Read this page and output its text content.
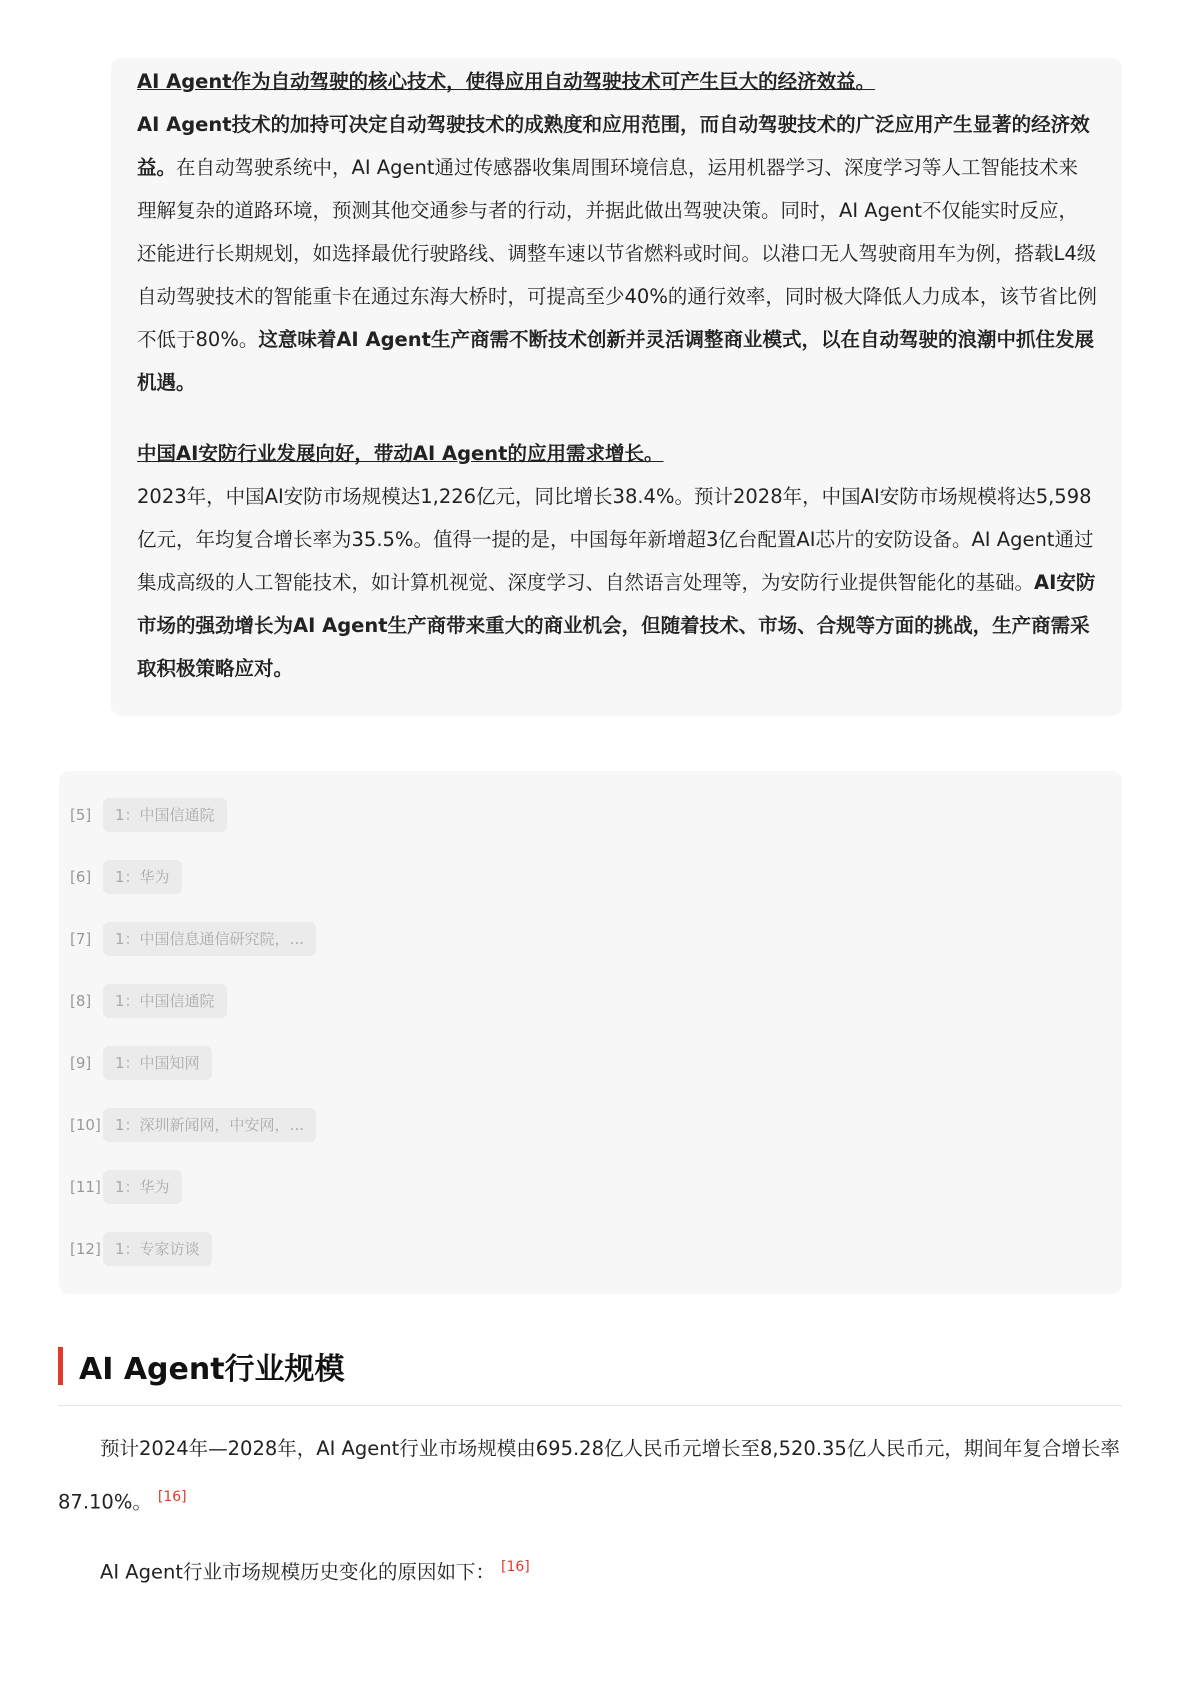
AI Agent作为自动驾驶的核心技术，使得应用自动驾驶技术可产生巨大的经济效益。

AI Agent技术的加持可决定自动驾驶技术的成熟度和应用范围，而自动驾驶技术的广泛应用产生显著的经济效益。在自动驾驶系统中，AI Agent通过传感器收集周围环境信息，运用机器学习、深度学习等人工智能技术来理解复杂的道路环境，预测其他交通参与者的行动，并据此做出驾驶决策。同时，AI Agent不仅能实时反应，还能进行长期规划，如选择最优行驶路线、调整车速以节省燃料或时间。以港口无人驾驶商用车为例，搭载L4级自动驾驶技术的智能重卡在通过东海大桥时，可提高至少40%的通行效率，同时极大降低人力成本，该节省比例不低于80%。这意味着AI Agent生产商需不断技术创新并灵活调整商业模式，以在自动驾驶的浪潮中抓住发展机遇。

中国AI安防行业发展向好，带动AI Agent的应用需求增长。

2023年，中国AI安防市场规模达1,226亿元，同比增长38.4%。预计2028年，中国AI安防市场规模将达5,598亿元，年均复合增长率为35.5%。值得一提的是，中国每年新增超3亿台配置AI芯片的安防设备。AI Agent通过集成高级的人工智能技术，如计算机视觉、深度学习、自然语言处理等，为安防行业提供智能化的基础。AI安防市场的强劲增长为AI Agent生产商带来重大的商业机会，但随着技术、市场、合规等方面的挑战，生产商需采取积极策略应对。

[5]	1：中国信通院
[6]	1：华为
[7]	1：中国信息通信研究院，...
[8]	1：中国信通院
[9]	1：中国知网
[10] 1：深圳新闻网，中安网，...
[11] 1：华为
[12] 1：专家访谈
AI Agent行业规模

预计2024年—2028年，AI Agent行业市场规模由695.28亿人民币元增长至8,520.35亿人民币元，期间年复合增长率87.10%。 [16]

AI Agent行业市场规模历史变化的原因如下： [16]
